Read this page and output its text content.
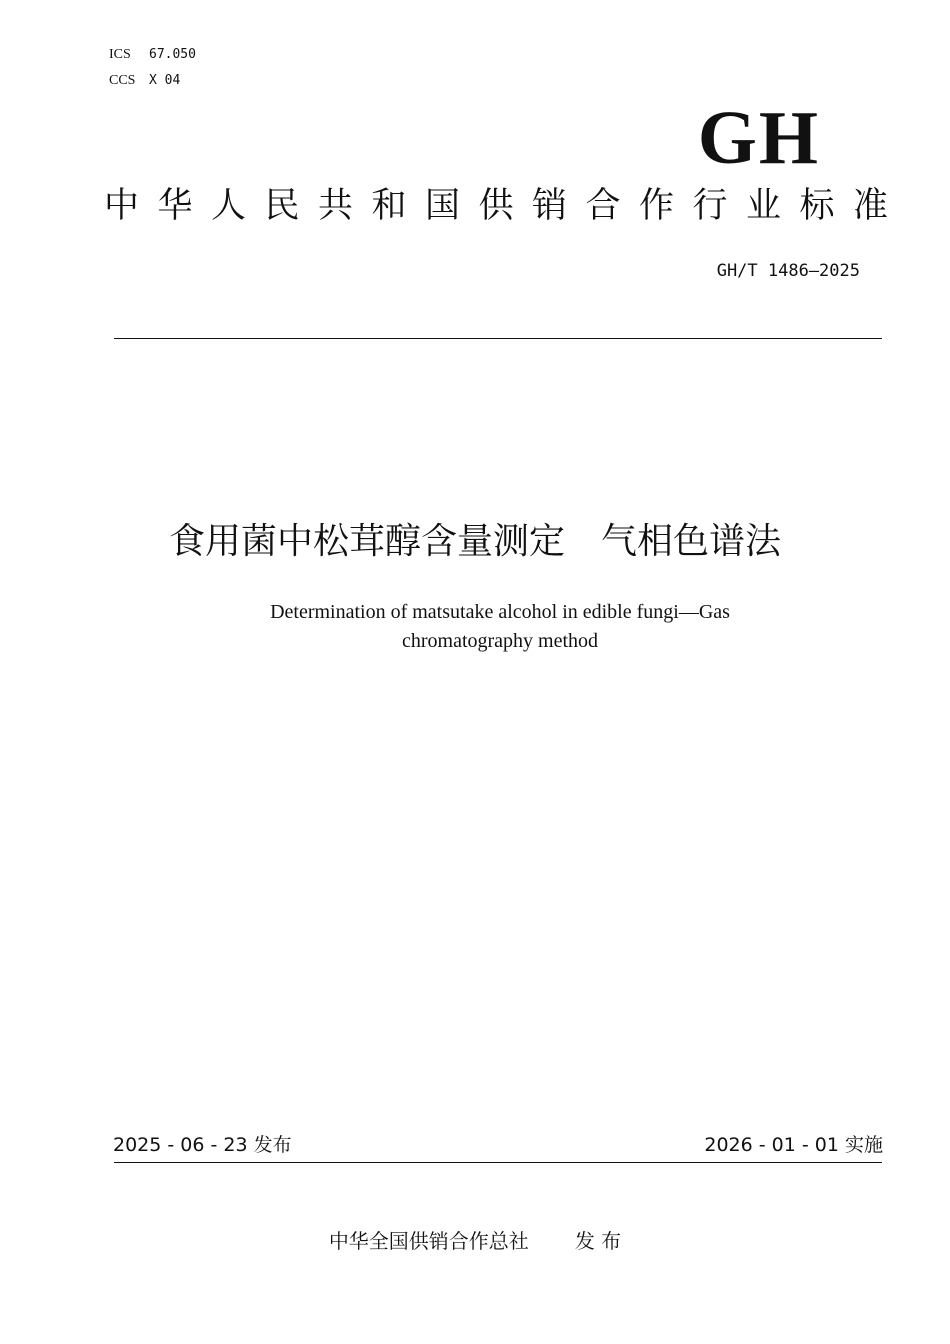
ICS 67.050
CCS X 04
GH
中华人民共和国供销合作行业标准
GH/T 1486—2025
食用菌中松茸醇含量测定　气相色谱法
Determination of matsutake alcohol in edible fungi—Gas
chromatography method
2025 - 06 - 23 发布	2026 - 01 - 01 实施
中华全国供销合作总社 发 布
